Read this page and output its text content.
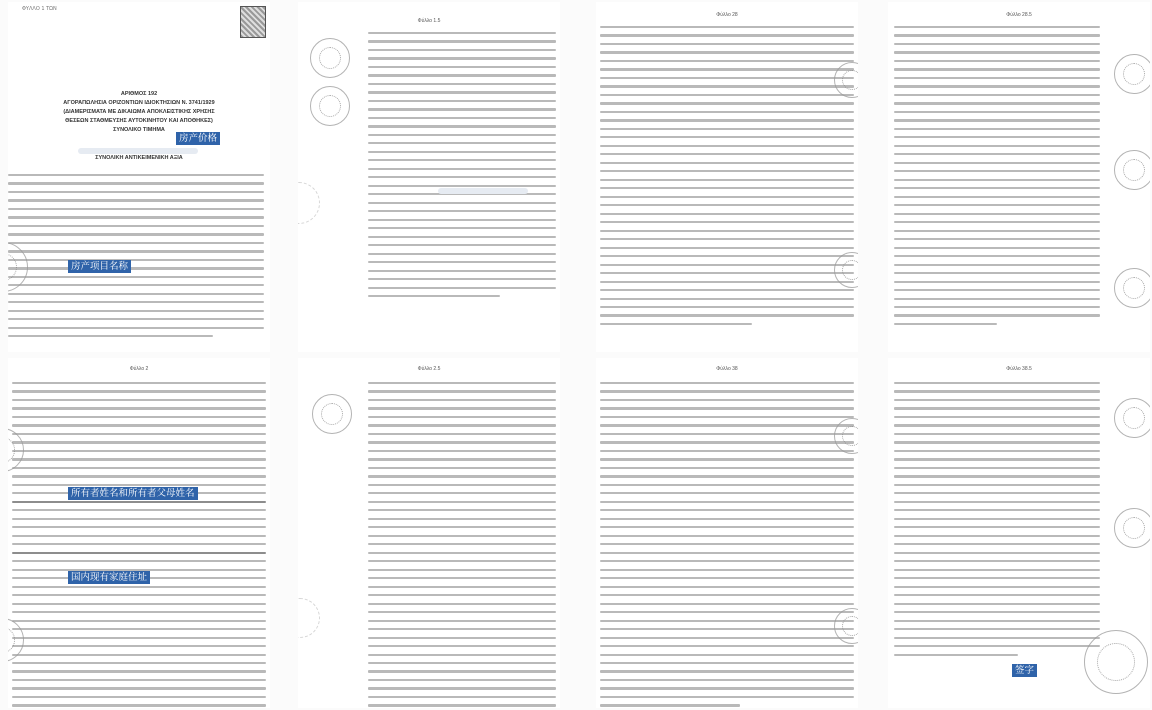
ΦΥΛΛΟ 1 ΤΩΝ
ΑΡΙΘΜΟΣ 192
ΑΓΟΡΑΠΩΛΗΣΙΑ ΟΡΙΖΟΝΤΙΩΝ ΙΔΙΟΚΤΗΣΙΩΝ Ν. 3741/1929
(ΔΙΑΜΕΡΙΣΜΑΤΑ ΜΕ ΔΙΚΑΙΩΜΑ ΑΠΟΚΛΕΙΣΤΙΚΗΣ ΧΡΗΣΗΣ
ΘΕΣΕΩΝ ΣΤΑΘΜΕΥΣΗΣ ΑΥΤΟΚΙΝΗΤΟΥ ΚΑΙ ΑΠΟΘΗΚΕΣ)
ΣΥΝΟΛΙΚΟ ΤΙΜΗΜΑ
ΣΥΝΟΛΙΚΗ ΑΝΤΙΚΕΙΜΕΝΙΚΗ ΑΞΙΑ
Φύλλο 2
Φύλλο 1.5
Φύλλο 2.5
Φύλλο 28
Φύλλο 38
Φύλλο 28.5
Φύλλο 38.5
房产价格
房产项目名称
所有者姓名和所有者父母姓名
国内现有家庭住址
签字
